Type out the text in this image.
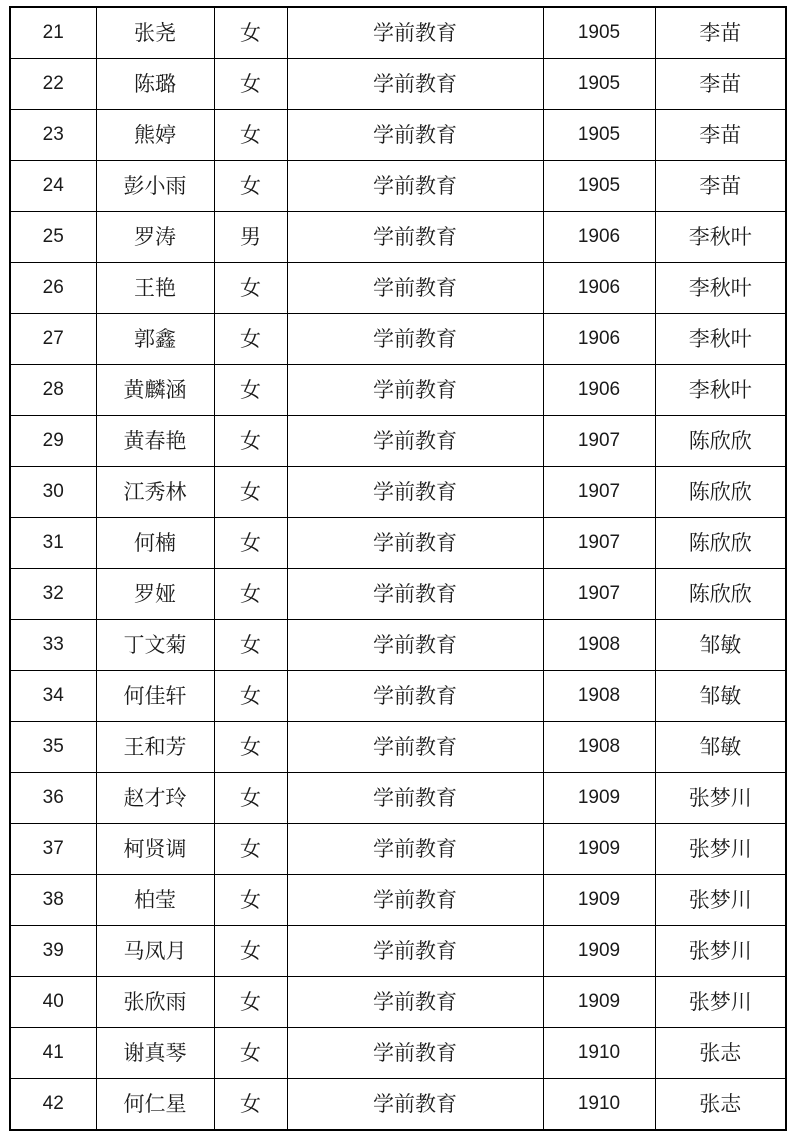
21	张尧	女	学前教育	1905	李苗
22	陈璐	女	学前教育	1905	李苗
23	熊婷	女	学前教育	1905	李苗
24	彭小雨	女	学前教育	1905	李苗
25	罗涛	男	学前教育	1906	李秋叶
26	王艳	女	学前教育	1906	李秋叶
27	郭鑫	女	学前教育	1906	李秋叶
28	黄麟涵	女	学前教育	1906	李秋叶
29	黄春艳	女	学前教育	1907	陈欣欣
30	江秀林	女	学前教育	1907	陈欣欣
31	何楠	女	学前教育	1907	陈欣欣
32	罗娅	女	学前教育	1907	陈欣欣
33	丁文菊	女	学前教育	1908	邹敏
34	何佳轩	女	学前教育	1908	邹敏
35	王和芳	女	学前教育	1908	邹敏
36	赵才玲	女	学前教育	1909	张梦川
37	柯贤调	女	学前教育	1909	张梦川
38	柏莹	女	学前教育	1909	张梦川
39	马凤月	女	学前教育	1909	张梦川
40	张欣雨	女	学前教育	1909	张梦川
41	谢真琴	女	学前教育	1910	张志
42	何仁星	女	学前教育	1910	张志
